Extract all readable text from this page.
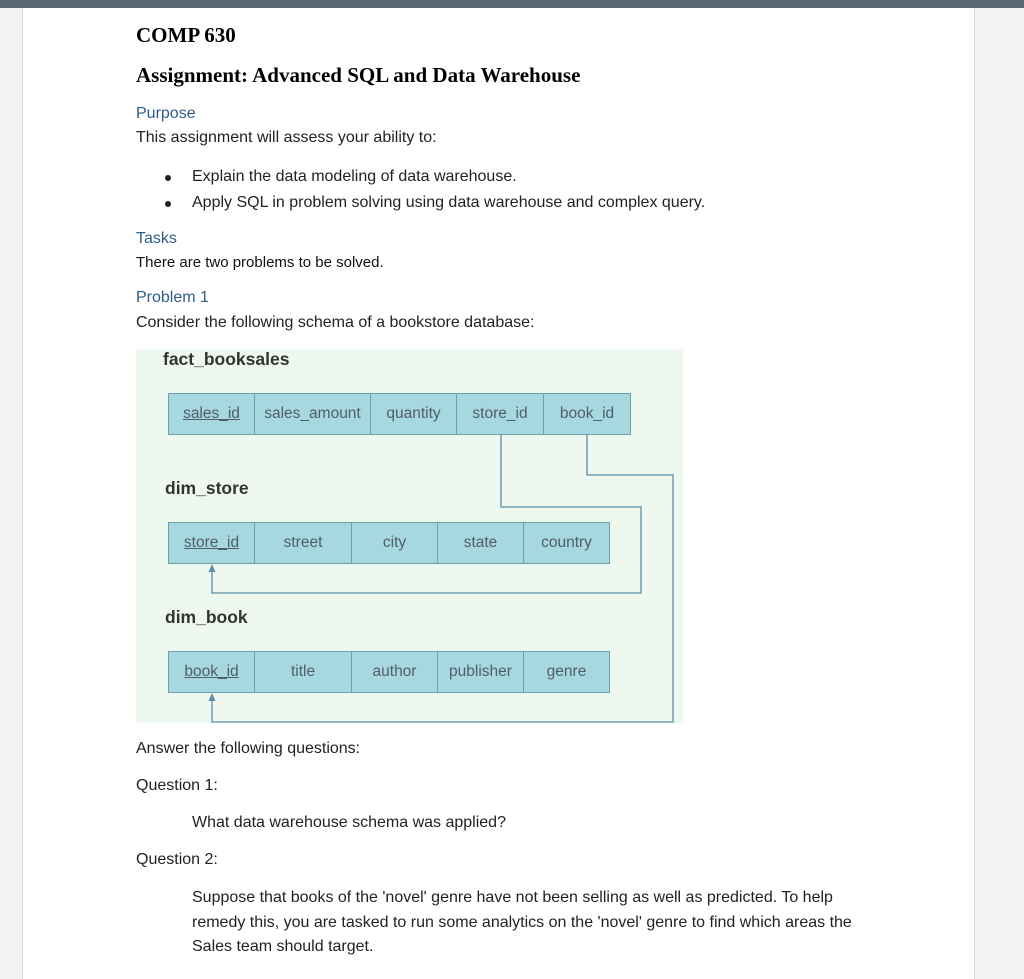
COMP 630
Assignment: Advanced SQL and Data Warehouse
Purpose
This assignment will assess your ability to:
Explain the data modeling of data warehouse.
Apply SQL in problem solving using data warehouse and complex query.
Tasks
There are two problems to be solved.
Problem 1
Consider the following schema of a bookstore database:
fact_booksales
sales_id	sales_amount	quantity	store_id	book_id
dim_store
store_id	street	city	state	country
dim_book
book_id	title	author	publisher	genre
Answer the following questions:
Question 1:
What data warehouse schema was applied?
Question 2:
Suppose that books of the 'novel' genre have not been selling as well as predicted. To help remedy this, you are tasked to run some analytics on the 'novel' genre to find which areas the Sales team should target.
